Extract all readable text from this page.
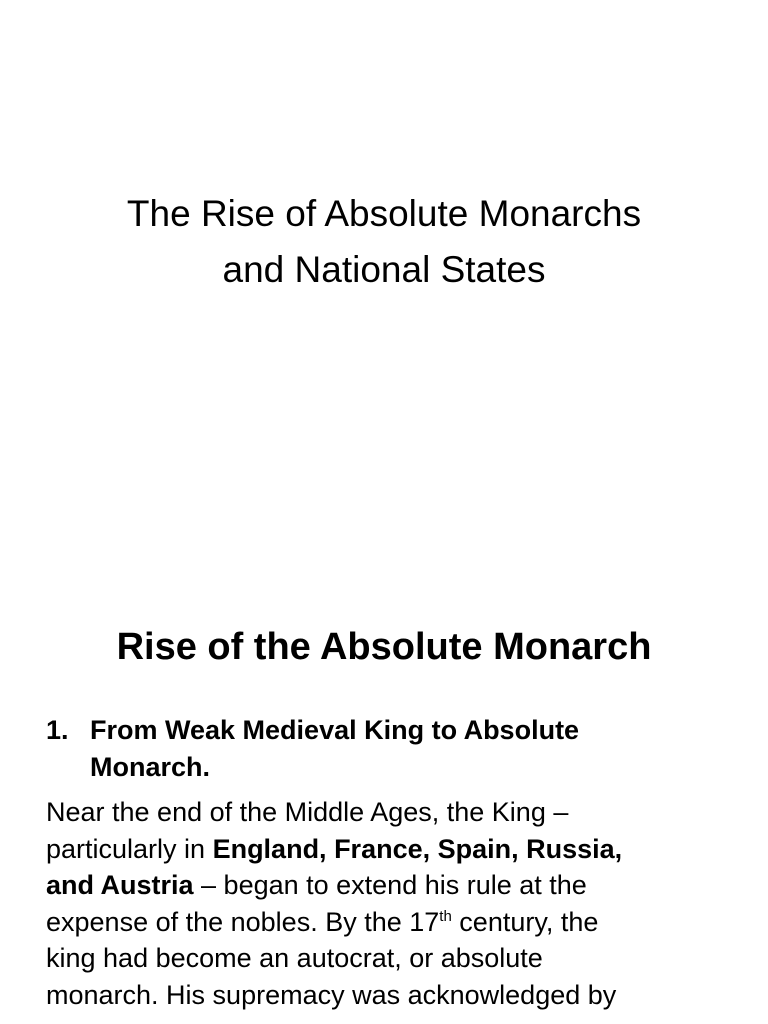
The Rise of Absolute Monarchs
and National States
Rise of the Absolute Monarch
1. From Weak Medieval King to Absolute
Monarch.

Near the end of the Middle Ages, the King –
particularly in England, France, Spain, Russia,
and Austria – began to extend his rule at the
expense of the nobles. By the 17th century, the
king had become an autocrat, or absolute
monarch. His supremacy was acknowledged by
